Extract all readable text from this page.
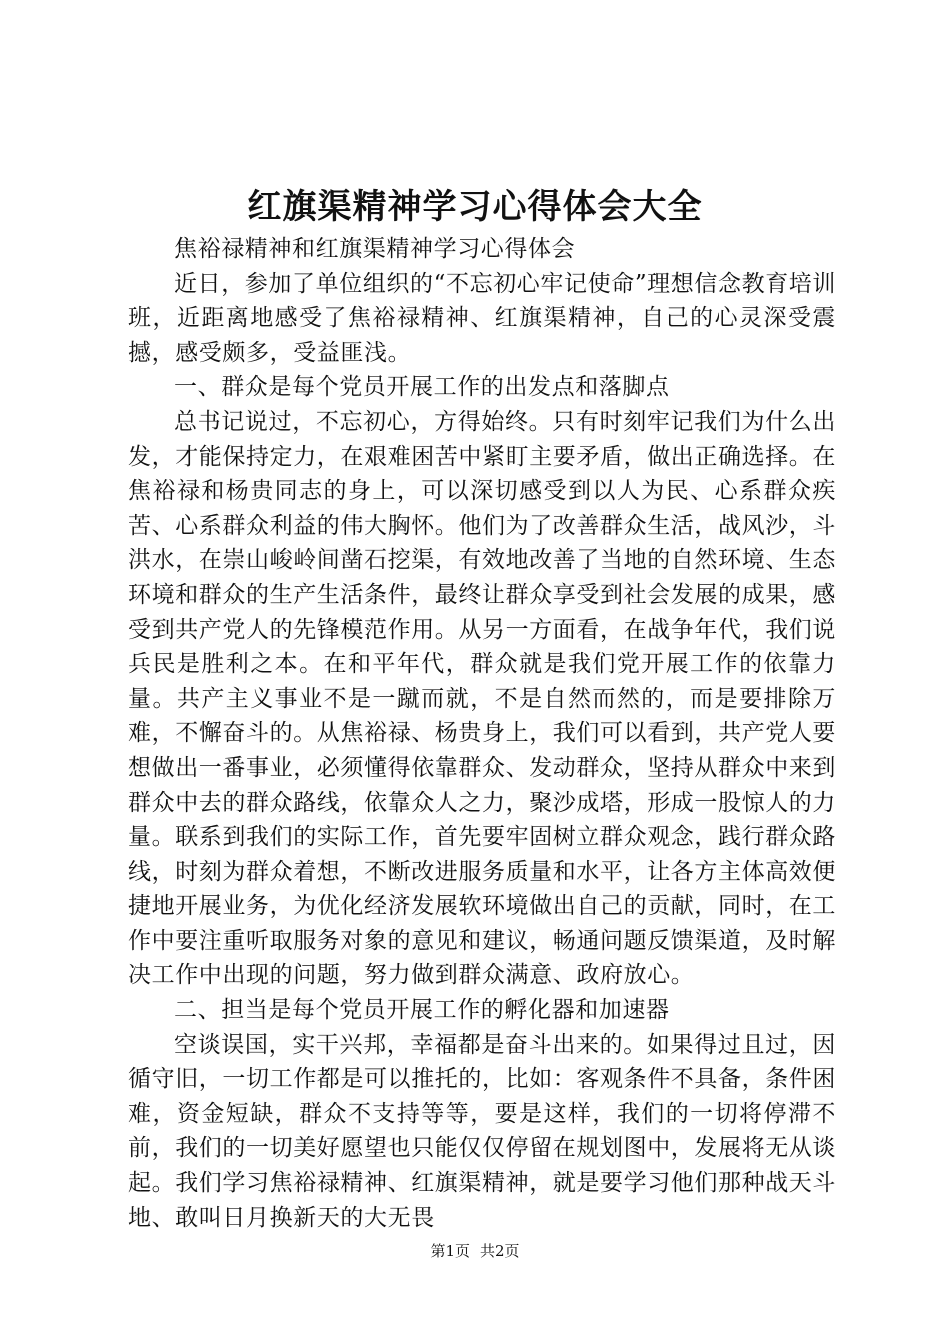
红旗渠精神学习心得体会大全

焦裕禄精神和红旗渠精神学习心得体会

近日，参加了单位组织的“不忘初心牢记使命”理想信念教育培训班，近距离地感受了焦裕禄精神、红旗渠精神，自己的心灵深受震撼，感受颇多，受益匪浅。

一、群众是每个党员开展工作的出发点和落脚点

总书记说过，不忘初心，方得始终。只有时刻牢记我们为什么出发，才能保持定力，在艰难困苦中紧盯主要矛盾，做出正确选择。在焦裕禄和杨贵同志的身上，可以深切感受到以人为民、心系群众疾苦、心系群众利益的伟大胸怀。他们为了改善群众生活，战风沙，斗洪水，在崇山峻岭间凿石挖渠，有效地改善了当地的自然环境、生态环境和群众的生产生活条件，最终让群众享受到社会发展的成果，感受到共产党人的先锋模范作用。从另一方面看，在战争年代，我们说兵民是胜利之本。在和平年代，群众就是我们党开展工作的依靠力量。共产主义事业不是一蹴而就，不是自然而然的，而是要排除万难，不懈奋斗的。从焦裕禄、杨贵身上，我们可以看到，共产党人要想做出一番事业，必须懂得依靠群众、发动群众，坚持从群众中来到群众中去的群众路线，依靠众人之力，聚沙成塔，形成一股惊人的力量。联系到我们的实际工作，首先要牢固树立群众观念，践行群众路线，时刻为群众着想，不断改进服务质量和水平，让各方主体高效便捷地开展业务，为优化经济发展软环境做出自己的贡献，同时，在工作中要注重听取服务对象的意见和建议，畅通问题反馈渠道，及时解决工作中出现的问题，努力做到群众满意、政府放心。

二、担当是每个党员开展工作的孵化器和加速器

空谈误国，实干兴邦，幸福都是奋斗出来的。如果得过且过，因循守旧，一切工作都是可以推托的，比如：客观条件不具备，条件困难，资金短缺，群众不支持等等，要是这样，我们的一切将停滞不前，我们的一切美好愿望也只能仅仅停留在规划图中，发展将无从谈起。我们学习焦裕禄精神、红旗渠精神，就是要学习他们那种战天斗地、敢叫日月换新天的大无畏

第1页 共2页
